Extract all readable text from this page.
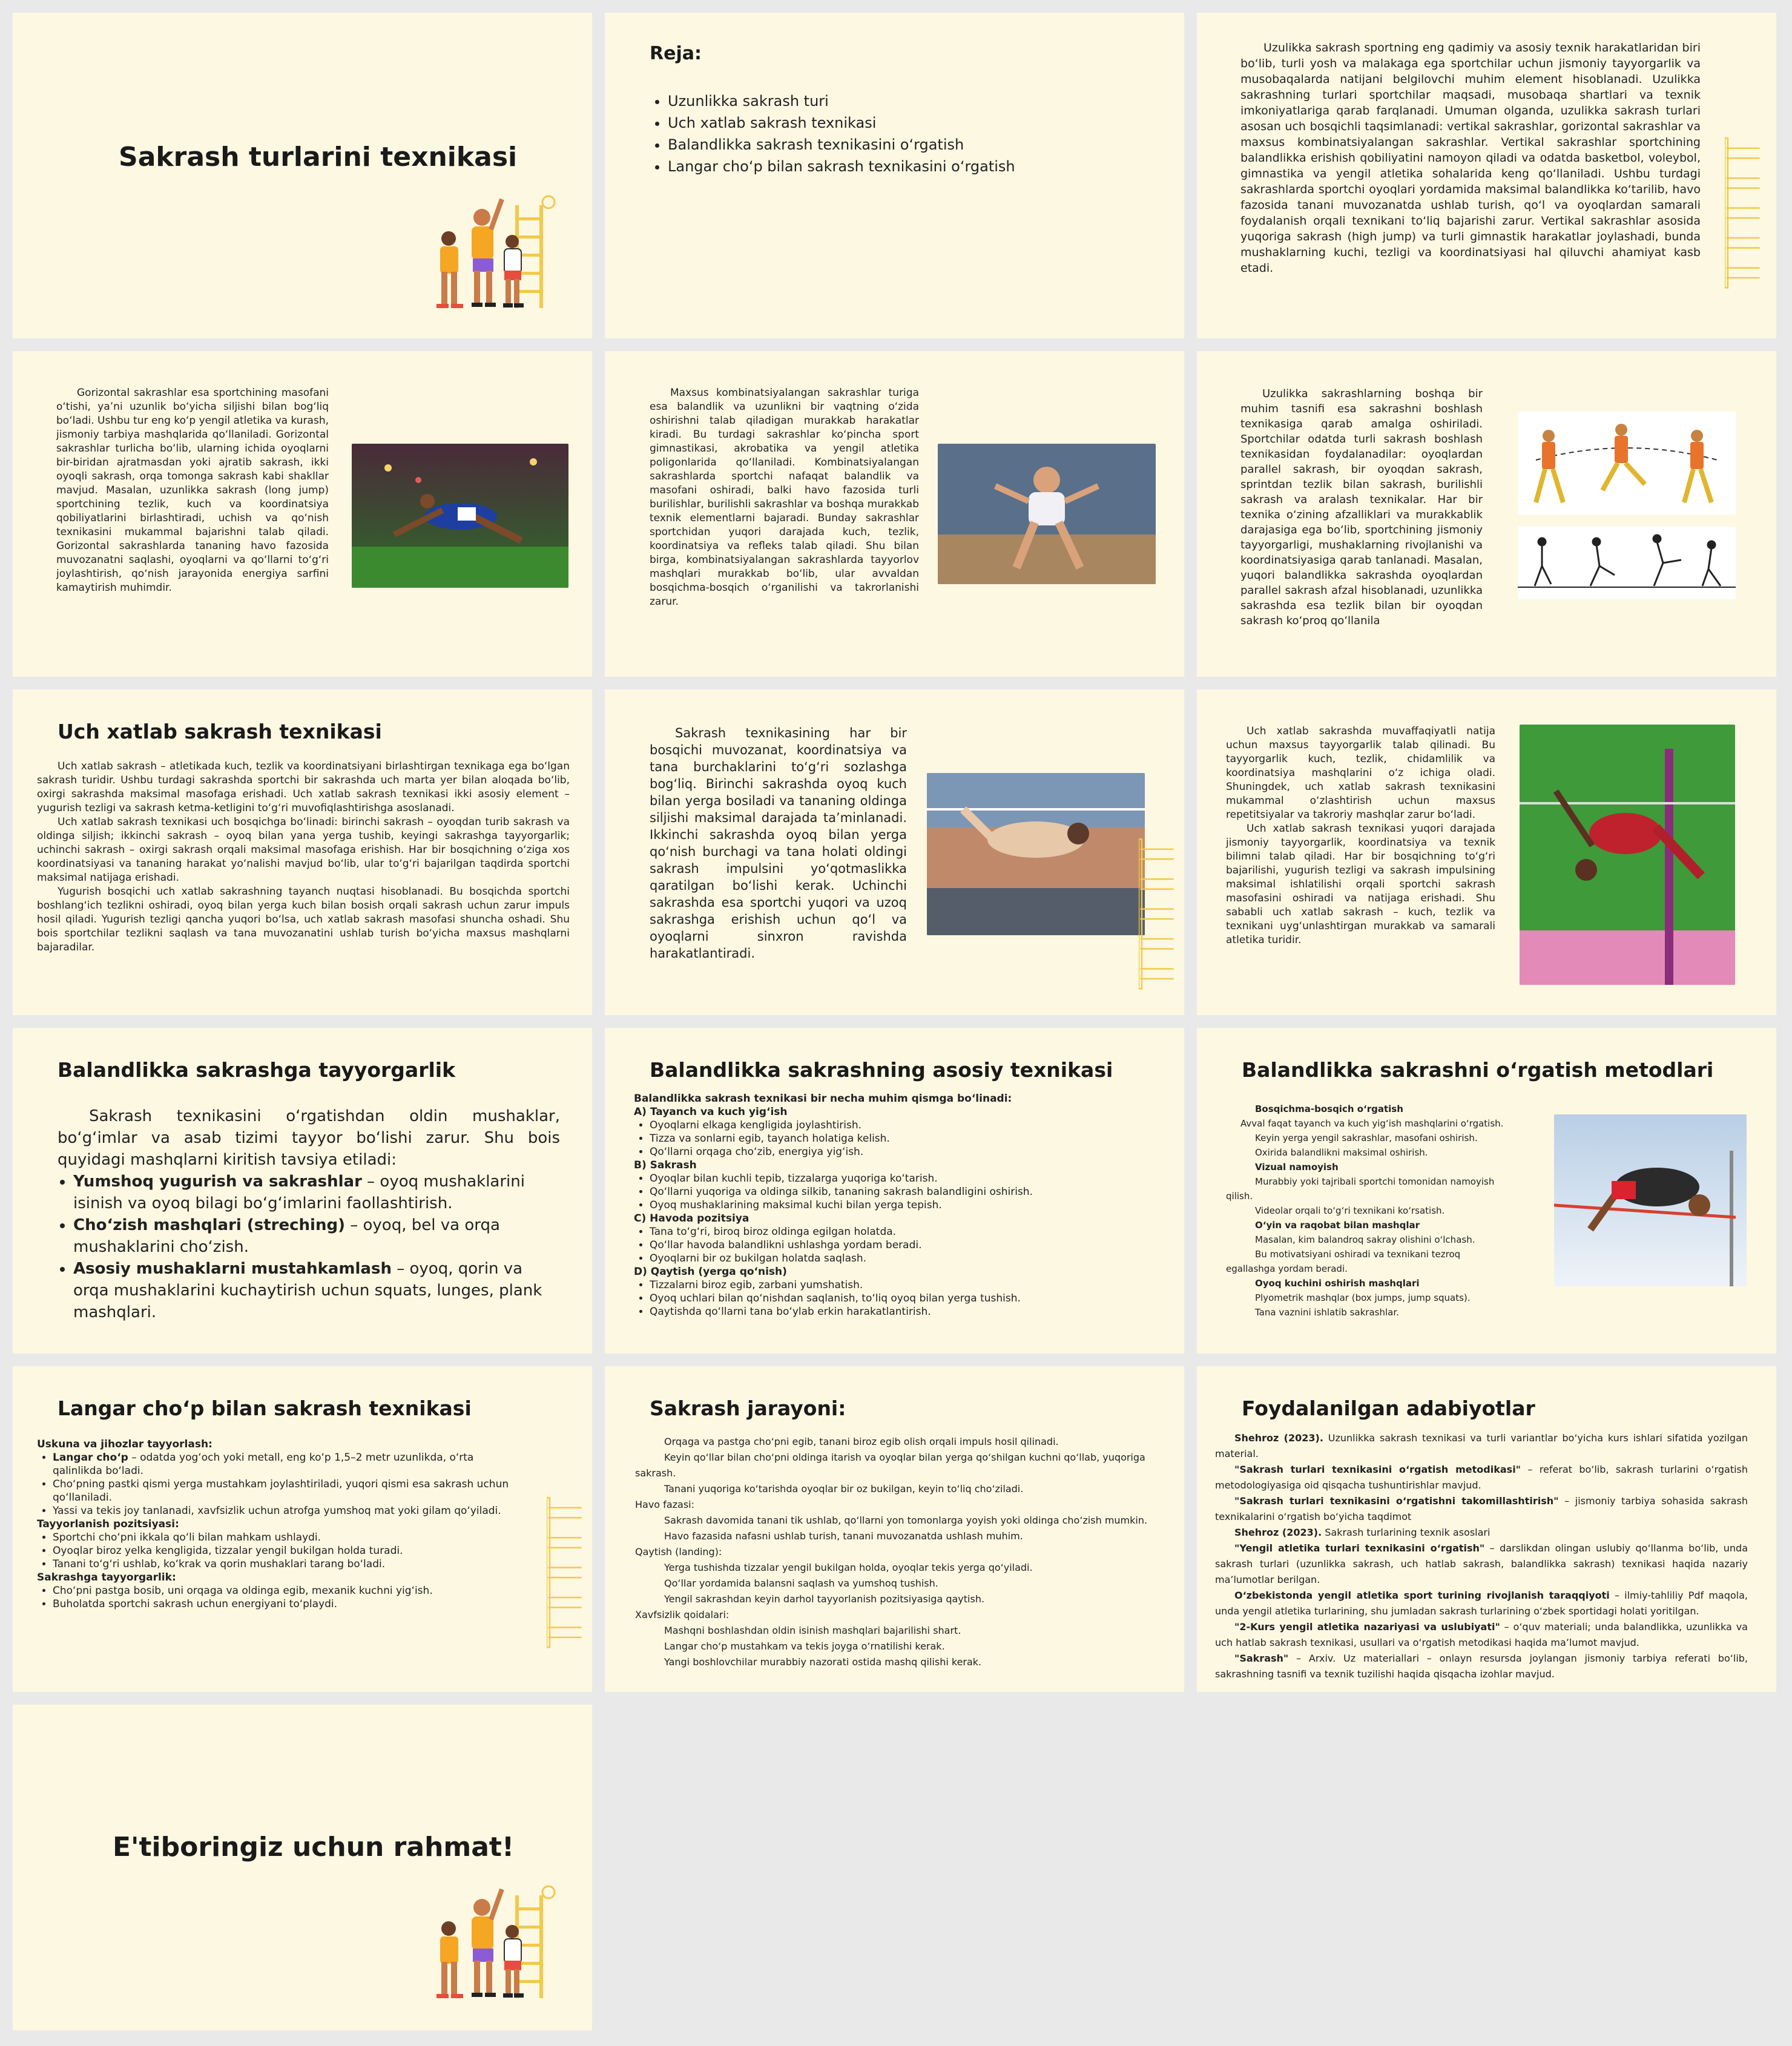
Sakrash turlarini texnikasi
Reja:
• Uzunlikka sakrash turi
• Uch xatlab sakrash texnikasi
• Balandlikka sakrash texnikasini o‘rgatish
• Langar cho‘p bilan sakrash texnikasini o‘rgatish

Uzulikka sakrash sportning eng qadimiy va asosiy texnik harakatlaridan biri bo‘lib, turli yosh va malakaga ega sportchilar uchun jismoniy tayyorgarlik va musobaqalarda natijani belgilovchi muhim element hisoblanadi. Uzulikka sakrashning turlari sportchilar maqsadi, musobaqa shartlari va texnik imkoniyatlariga qarab farqlanadi. Umuman olganda, uzulikka sakrash turlari asosan uch bosqichli taqsimlanadi: vertikal sakrashlar, gorizontal sakrashlar va maxsus kombinatsiyalangan sakrashlar. Vertikal sakrashlar sportchining balandlikka erishish qobiliyatini namoyon qiladi va odatda basketbol, voleybol, gimnastika va yengil atletika sohalarida keng qo‘llaniladi. Ushbu turdagi sakrashlarda sportchi oyoqlari yordamida maksimal balandlikka ko‘tarilib, havo fazosida tanani muvozanatda ushlab turish, qo‘l va oyoqlardan samarali foydalanish orqali texnikani to‘liq bajarishi zarur. Vertikal sakrashlar asosida yuqoriga sakrash (high jump) va turli gimnastik harakatlar joylashadi, bunda mushaklarning kuchi, tezligi va koordinatsiyasi hal qiluvchi ahamiyat kasb etadi.

Gorizontal sakrashlar esa sportchining masofani o‘tishi, ya’ni uzunlik bo‘yicha siljishi bilan bog‘liq bo‘ladi. Ushbu tur eng ko‘p yengil atletika va kurash, jismoniy tarbiya mashqlarida qo‘llaniladi. Gorizontal sakrashlar turlicha bo‘lib, ularning ichida oyoqlarni bir-biridan ajratmasdan yoki ajratib sakrash, ikki oyoqli sakrash, orqa tomonga sakrash kabi shakllar mavjud. Masalan, uzunlikka sakrash (long jump) sportchining tezlik, kuch va koordinatsiya qobiliyatlarini birlashtiradi, uchish va qo‘nish texnikasini mukammal bajarishni talab qiladi. Gorizontal sakrashlarda tananing havo fazosida muvozanatni saqlashi, oyoqlarni va qo‘llarni to‘g‘ri joylashtirish, qo‘nish jarayonida energiya sarfini kamaytirish muhimdir.

Maxsus kombinatsiyalangan sakrashlar turiga esa balandlik va uzunlikni bir vaqtning o‘zida oshirishni talab qiladigan murakkab harakatlar kiradi. Bu turdagi sakrashlar ko‘pincha sport gimnastikasi, akrobatika va yengil atletika poligonlarida qo‘llaniladi. Kombinatsiyalangan sakrashlarda sportchi nafaqat balandlik va masofani oshiradi, balki havo fazosida turli burilishlar, burilishli sakrashlar va boshqa murakkab texnik elementlarni bajaradi. Bunday sakrashlar sportchidan yuqori darajada kuch, tezlik, koordinatsiya va refleks talab qiladi. Shu bilan birga, kombinatsiyalangan sakrashlarda tayyorlov mashqlari murakkab bo‘lib, ular avvaldan bosqichma-bosqich o‘rganilishi va takrorlanishi zarur.

Uzulikka sakrashlarning boshqa bir muhim tasnifi esa sakrashni boshlash texnikasiga qarab amalga oshiriladi. Sportchilar odatda turli sakrash boshlash texnikasidan foydalanadilar: oyoqlardan parallel sakrash, bir oyoqdan sakrash, sprintdan tezlik bilan sakrash, burilishli sakrash va aralash texnikalar. Har bir texnika o‘zining afzalliklari va murakkablik darajasiga ega bo‘lib, sportchining jismoniy tayyorgarligi, mushaklarning rivojlanishi va koordinatsiyasiga qarab tanlanadi. Masalan, yuqori balandlikka sakrashda oyoqlardan parallel sakrash afzal hisoblanadi, uzunlikka sakrashda esa tezlik bilan bir oyoqdan sakrash ko‘proq qo‘llanila

Uch xatlab sakrash texnikasi

Uch xatlab sakrash – atletikada kuch, tezlik va koordinatsiyani birlashtirgan texnikaga ega bo‘lgan sakrash turidir. Ushbu turdagi sakrashda sportchi bir sakrashda uch marta yer bilan aloqada bo‘lib, oxirgi sakrashda maksimal masofaga erishadi. Uch xatlab sakrash texnikasi ikki asosiy element – yugurish tezligi va sakrash ketma-ketligini to‘g‘ri muvofiqlashtirishga asoslanadi.

Uch xatlab sakrash texnikasi uch bosqichga bo‘linadi: birinchi sakrash – oyoqdan turib sakrash va oldinga siljish; ikkinchi sakrash – oyoq bilan yana yerga tushib, keyingi sakrashga tayyorgarlik; uchinchi sakrash – oxirgi sakrash orqali maksimal masofaga erishish. Har bir bosqichning o‘ziga xos koordinatsiyasi va tananing harakat yo‘nalishi mavjud bo‘lib, ular to‘g‘ri bajarilgan taqdirda sportchi maksimal natijaga erishadi.

Yugurish bosqichi uch xatlab sakrashning tayanch nuqtasi hisoblanadi. Bu bosqichda sportchi boshlang‘ich tezlikni oshiradi, oyoq bilan yerga kuch bilan bosish orqali sakrash uchun zarur impuls hosil qiladi. Yugurish tezligi qancha yuqori bo‘lsa, uch xatlab sakrash masofasi shuncha oshadi. Shu bois sportchilar tezlikni saqlash va tana muvozanatini ushlab turish bo‘yicha maxsus mashqlarni bajaradilar.

Sakrash texnikasining har bir bosqichi muvozanat, koordinatsiya va tana burchaklarini to‘g‘ri sozlashga bog‘liq. Birinchi sakrashda oyoq kuch bilan yerga bosiladi va tananing oldinga siljishi maksimal darajada ta’minlanadi. Ikkinchi sakrashda oyoq bilan yerga qo‘nish burchagi va tana holati oldingi sakrash impulsini yo‘qotmaslikka qaratilgan bo‘lishi kerak. Uchinchi sakrashda esa sportchi yuqori va uzoq sakrashga erishish uchun qo‘l va oyoqlarni sinxron ravishda harakatlantiradi.

Uch xatlab sakrashda muvaffaqiyatli natija uchun maxsus tayyorgarlik talab qilinadi. Bu tayyorgarlik kuch, tezlik, chidamlilik va koordinatsiya mashqlarini o‘z ichiga oladi. Shuningdek, uch xatlab sakrash texnikasini mukammal o‘zlashtirish uchun maxsus repetitsiyalar va takroriy mashqlar zarur bo‘ladi.

Uch xatlab sakrash texnikasi yuqori darajada jismoniy tayyorgarlik, koordinatsiya va texnik bilimni talab qiladi. Har bir bosqichning to‘g‘ri bajarilishi, yugurish tezligi va sakrash impulsining maksimal ishlatilishi orqali sportchi sakrash masofasini oshiradi va natijaga erishadi. Shu sababli uch xatlab sakrash – kuch, tezlik va texnikani uyg‘unlashtirgan murakkab va samarali atletika turidir.

Balandlikka sakrashga tayyorgarlik

Sakrash texnikasini o‘rgatishdan oldin mushaklar, bo‘g‘imlar va asab tizimi tayyor bo‘lishi zarur. Shu bois quyidagi mashqlarni kiritish tavsiya etiladi:

• Yumshoq yugurish va sakrashlar – oyoq mushaklarini isinish va oyoq bilagi bo‘g‘imlarini faollashtirish.
• Cho‘zish mashqlari (streching) – oyoq, bel va orqa mushaklarini cho‘zish.
• Asosiy mushaklarni mustahkamlash – oyoq, qorin va orqa mushaklarini kuchaytirish uchun squats, lunges, plank mashqlari.
Balandlikka sakrashning asosiy texnikasi
Balandlikka sakrash texnikasi bir necha muhim qismga bo‘linadi:
A) Tayanch va kuch yig‘ish
• Oyoqlarni elkaga kengligida joylashtirish.
• Tizza va sonlarni egib, tayanch holatiga kelish.
• Qo‘llarni orqaga cho‘zib, energiya yig‘ish.
B) Sakrash
• Oyoqlar bilan kuchli tepib, tizzalarga yuqoriga ko‘tarish.
• Qo‘llarni yuqoriga va oldinga silkib, tananing sakrash balandligini oshirish.
• Oyoq mushaklarining maksimal kuchi bilan yerga tepish.
C) Havoda pozitsiya
• Tana to‘g‘ri, biroq biroz oldinga egilgan holatda.
• Qo‘llar havoda balandlikni ushlashga yordam beradi.
• Oyoqlarni bir oz bukilgan holatda saqlash.
D) Qaytish (yerga qo‘nish)
• Tizzalarni biroz egib, zarbani yumshatish.
• Oyoq uchlari bilan qo‘nishdan saqlanish, to‘liq oyoq bilan yerga tushish.
• Qaytishda qo‘llarni tana bo‘ylab erkin harakatlantirish.
Balandlikka sakrashni o‘rgatish metodlari
Bosqichma-bosqich o‘rgatish
Avval faqat tayanch va kuch yig‘ish mashqlarini o‘rgatish.
Keyin yerga yengil sakrashlar, masofani oshirish.
Oxirida balandlikni maksimal oshirish.
Vizual namoyish
Murabbiy yoki tajribali sportchi tomonidan namoyish qilish.
Videolar orqali to‘g‘ri texnikani ko‘rsatish.
O‘yin va raqobat bilan mashqlar
Masalan, kim balandroq sakray olishini o‘lchash.
Bu motivatsiyani oshiradi va texnikani tezroq egallashga yordam beradi.
Oyoq kuchini oshirish mashqlari
Plyometrik mashqlar (box jumps, jump squats).
Tana vaznini ishlatib sakrashlar.
Langar cho‘p bilan sakrash texnikasi
Uskuna va jihozlar tayyorlash:
• Langar cho‘p – odatda yog‘och yoki metall, eng ko‘p 1,5–2 metr uzunlikda, o‘rta qalinlikda bo‘ladi.
• Cho‘pning pastki qismi yerga mustahkam joylashtiriladi, yuqori qismi esa sakrash uchun qo‘llaniladi.
• Yassi va tekis joy tanlanadi, xavfsizlik uchun atrofga yumshoq mat yoki gilam qo‘yiladi.
Tayyorlanish pozitsiyasi:
• Sportchi cho‘pni ikkala qo‘li bilan mahkam ushlaydi.
• Oyoqlar biroz yelka kengligida, tizzalar yengil bukilgan holda turadi.
• Tanani to‘g‘ri ushlab, ko‘krak va qorin mushaklari tarang bo‘ladi.
Sakrashga tayyorgarlik:
• Cho‘pni pastga bosib, uni orqaga va oldinga egib, mexanik kuchni yig‘ish.
• Buholatda sportchi sakrash uchun energiyani to‘playdi.
Sakrash jarayoni:
Orqaga va pastga cho‘pni egib, tanani biroz egib olish orqali impuls hosil qilinadi.
Keyin qo‘llar bilan cho‘pni oldinga itarish va oyoqlar bilan yerga qo‘shilgan kuchni qo‘llab, yuqoriga sakrash.
Tanani yuqoriga ko‘tarishda oyoqlar bir oz bukilgan, keyin to‘liq cho‘ziladi.
Havo fazasi:
Sakrash davomida tanani tik ushlab, qo‘llarni yon tomonlarga yoyish yoki oldinga cho‘zish mumkin.
Havo fazasida nafasni ushlab turish, tanani muvozanatda ushlash muhim.
Qaytish (landing):
Yerga tushishda tizzalar yengil bukilgan holda, oyoqlar tekis yerga qo‘yiladi.
Qo‘llar yordamida balansni saqlash va yumshoq tushish.
Yengil sakrashdan keyin darhol tayyorlanish pozitsiyasiga qaytish.
Xavfsizlik qoidalari:
Mashqni boshlashdan oldin isinish mashqlari bajarilishi shart.
Langar cho‘p mustahkam va tekis joyga o‘rnatilishi kerak.
Yangi boshlovchilar murabbiy nazorati ostida mashq qilishi kerak.
Foydalanilgan adabiyotlar

Shehroz (2023). Uzunlikka sakrash texnikasi va turli variantlar bo‘yicha kurs ishlari sifatida yozilgan material.

"Sakrash turlari texnikasini o‘rgatish metodikasi" – referat bo‘lib, sakrash turlarini o‘rgatish metodologiyasiga oid qisqacha tushuntirishlar mavjud.

"Sakrash turlari texnikasini o‘rgatishni takomillashtirish" – jismoniy tarbiya sohasida sakrash texnikalarini o‘rgatish bo‘yicha taqdimot

Shehroz (2023). Sakrash turlarining texnik asoslari

"Yengil atletika turlari texnikasini o‘rgatish" – darslikdan olingan uslubiy qo‘llanma bo‘lib, unda sakrash turlari (uzunlikka sakrash, uch hatlab sakrash, balandlikka sakrash) texnikasi haqida nazariy ma’lumotlar berilgan.

O‘zbekistonda yengil atletika sport turining rivojlanish taraqqiyoti – ilmiy-tahliliy Pdf maqola, unda yengil atletika turlarining, shu jumladan sakrash turlarining o‘zbek sportidagi holati yoritilgan.

"2-Kurs yengil atletika nazariyasi va uslubiyati" – o‘quv materiali; unda balandlikka, uzunlikka va uch hatlab sakrash texnikasi, usullari va o‘rgatish metodikasi haqida ma’lumot mavjud.

"Sakrash" – Arxiv. Uz materiallari – onlayn resursda joylangan jismoniy tarbiya referati bo‘lib, sakrashning tasnifi va texnik tuzilishi haqida qisqacha izohlar mavjud.

E'tiboringiz uchun rahmat!
